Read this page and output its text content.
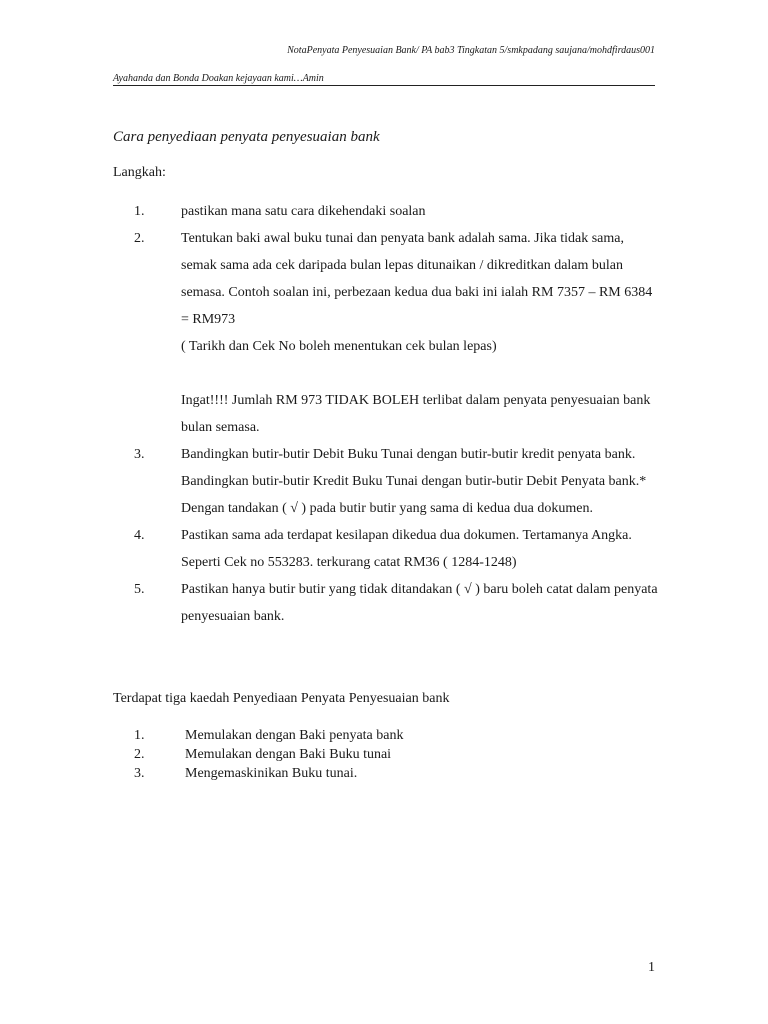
NotaPenyata Penyesuaian Bank/ PA bab3 Tingkatan 5/smkpadang saujana/mohdfirdaus001
Ayahanda dan Bonda Doakan kejayaan kami…Amin
Cara penyediaan penyata penyesuaian bank
Langkah:
1.	pastikan mana satu cara dikehendaki soalan

2.	Tentukan baki awal buku tunai dan penyata bank adalah sama. Jika tidak sama, semak sama ada cek daripada bulan lepas ditunaikan / dikreditkan dalam bulan semasa. Contoh soalan ini, perbezaan kedua dua baki ini ialah RM 7357 – RM 6384 = RM973

( Tarikh dan Cek No boleh menentukan cek bulan lepas)

Ingat!!!! Jumlah RM 973 TIDAK BOLEH terlibat dalam penyata penyesuaian bank bulan semasa.

3.	Bandingkan butir-butir Debit Buku Tunai dengan butir-butir kredit penyata bank. Bandingkan butir-butir Kredit Buku Tunai dengan butir-butir Debit Penyata bank.* Dengan tandakan ( √ ) pada butir butir yang sama di kedua dua dokumen.

4.	Pastikan sama ada terdapat kesilapan dikedua dua dokumen. Tertamanya Angka. Seperti Cek no 553283. terkurang catat RM36 ( 1284-1248)

5.	Pastikan hanya butir butir yang tidak ditandakan ( √ ) baru boleh catat dalam penyata penyesuaian bank.

Terdapat tiga kaedah Penyediaan Penyata Penyesuaian bank
1.	Memulakan dengan Baki penyata bank
2.	Memulakan dengan Baki Buku tunai
3.	Mengemaskinikan Buku tunai.
1
